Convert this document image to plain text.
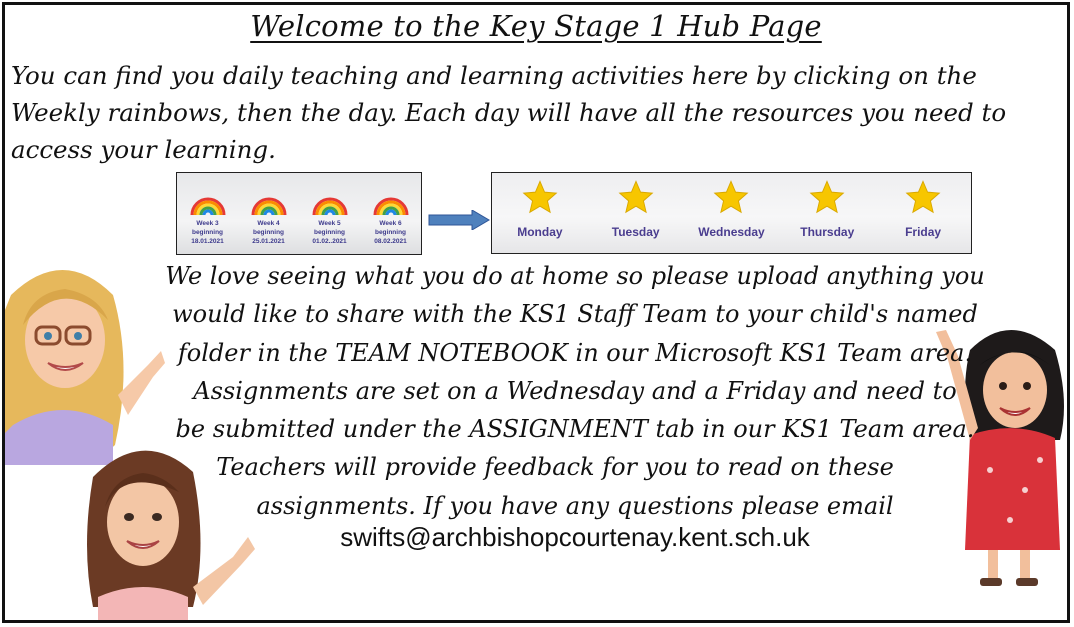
Welcome to the Key Stage 1 Hub Page
You can find you daily teaching and learning activities here by clicking on the
Weekly rainbows, then the day. Each day will have all the resources you need to
access your learning.
Week 3
beginning
18.01.2021
Week 4
beginning
25.01.2021
Week 5
beginning
01.02..2021
Week 6
beginning
08.02.2021
Monday	Tuesday	Wednesday	Thursday	Friday
We love seeing what you do at home so please upload anything you
would like to share with the KS1 Staff Team to your child's named
folder in the TEAM NOTEBOOK in our Microsoft KS1 Team area.
Assignments are set on a Wednesday and a Friday and need to
be submitted under the ASSIGNMENT tab in our KS1 Team area.
Teachers will provide feedback for you to read on these
assignments. If you have any questions please email
swifts@archbishopcourtenay.kent.sch.uk
